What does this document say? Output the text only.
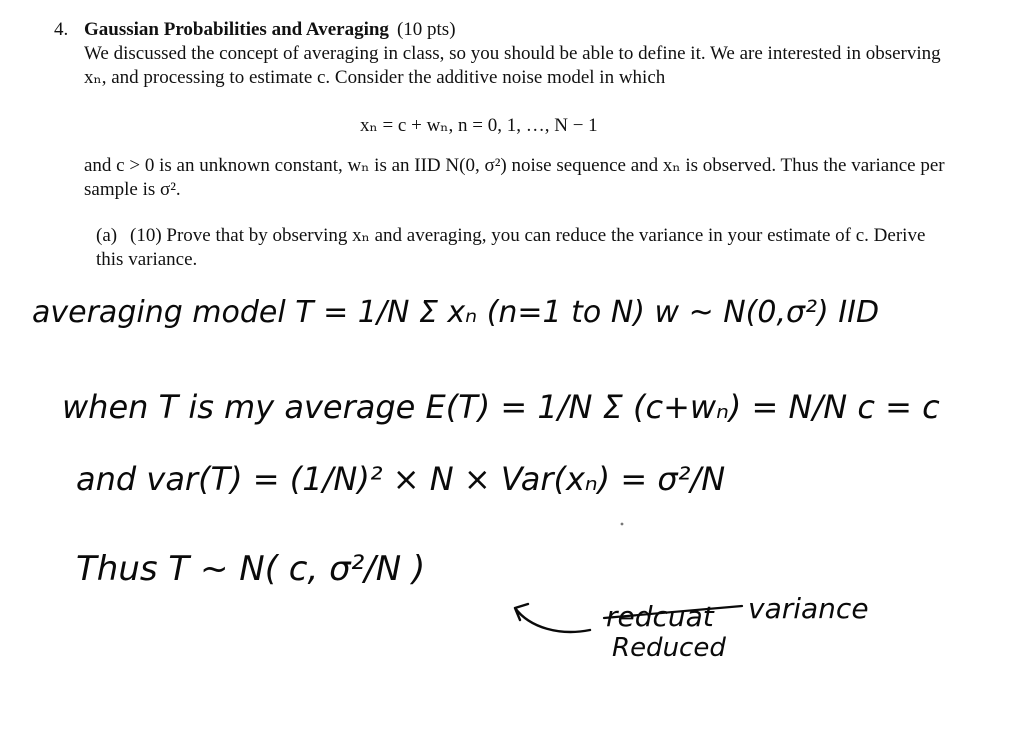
4. Gaussian Probabilities and Averaging (10 pts)

We discussed the concept of averaging in class, so you should be able to define it. We are interested in observing xₙ, and processing to estimate c. Consider the additive noise model in which

xₙ = c + wₙ, n = 0, 1, …, N − 1

and c > 0 is an unknown constant, wₙ is an IID N(0, σ²) noise sequence and xₙ is observed. Thus the variance per sample is σ².

(a) (10) Prove that by observing xₙ and averaging, you can reduce the variance in your estimate of c. Derive this variance.
averaging model T = 1/N Σ xₙ (n=1 to N) w ~ N(0,σ²) IID
when T is my average E(T) = 1/N Σ (c+wₙ) = N/N c = c
and var(T) = (1/N)² × N × Var(xₙ) = σ²/N
Thus T ~ N( c, σ²/N )
redcuat variance
Reduced
